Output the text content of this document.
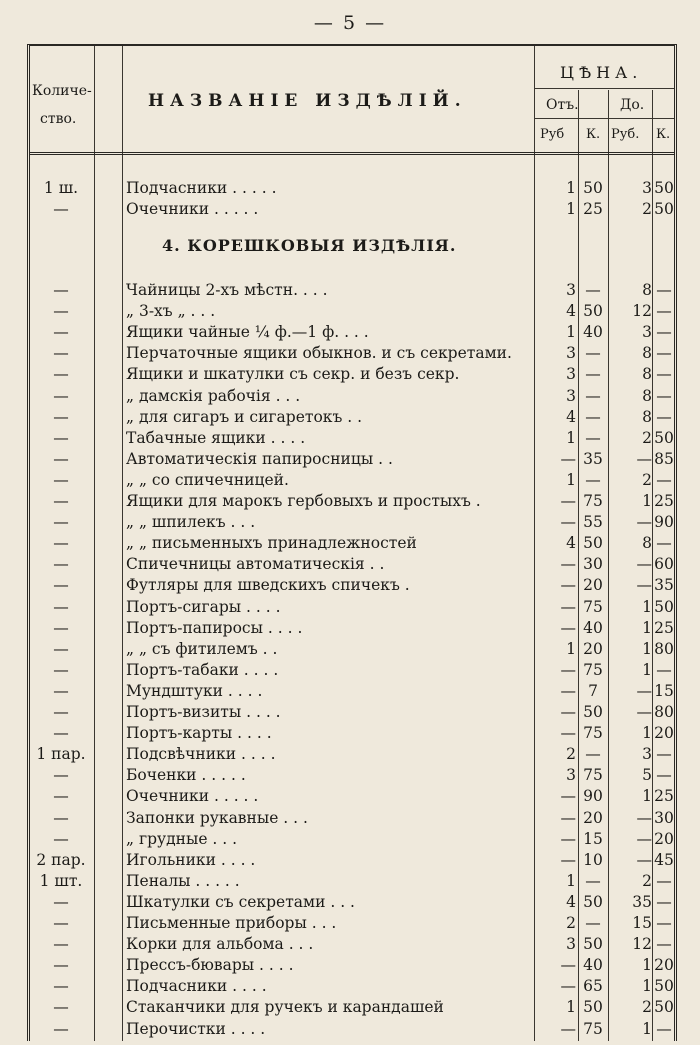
— 5 —
Количе-
ство.
НАЗВАНІЕ ИЗДѢЛІЙ.
ЦѢНА.
Отъ.	До.
Руб К. Руб. К.
1 ш.	Подчасники . . . . .	1 50	3 50
—	Очечники . . . . .	1 25	2 50
4. КОРЕШКОВЫЯ ИЗДѢЛІЯ.
—	Чайницы 2-хъ мѣстн. . . .	3 —	8 —
—	„ 3-хъ „ . . .	4 50	12 —
—	Ящики чайные ¼ ф.—1 ф. . . .	1 40	3 —
—	Перчаточные ящики обыкнов. и съ секретами.	3 —	8 —
—	Ящики и шкатулки съ секр. и безъ секр.	3 —	8 —
—	„ дамскія рабочія . . .	3 —	8 —
—	„ для сигаръ и сигаретокъ . .	4 —	8 —
—	Табачные ящики . . . .	1 —	2 50
—	Автоматическія папиросницы . .	— 35	— 85
—	„ „ со спичечницей.	1 —	2 —
—	Ящики для марокъ гербовыхъ и простыхъ .	— 75	1 25
—	„ „ шпилекъ . . .	— 55	— 90
—	„ „ письменныхъ принадлежностей	4 50	8 —
—	Спичечницы автоматическія . .	— 30	— 60
—	Футляры для шведскихъ спичекъ .	— 20	— 35
—	Портъ-сигары . . . .	— 75	1 50
—	Портъ-папиросы . . . .	— 40	1 25
—	„ „ съ фитилемъ . .	1 20	1 80
—	Портъ-табаки . . . .	— 75	1 —
—	Мундштуки . . . .	— 7	— 15
—	Портъ-визиты . . . .	— 50	— 80
—	Портъ-карты . . . .	— 75	1 20
1 пар.	Подсвѣчники . . . .	2 —	3 —
—	Боченки . . . . .	3 75	5 —
—	Очечники . . . . .	— 90	1 25
—	Запонки рукавные . . .	— 20	— 30
—	„ грудные . . .	— 15	— 20
2 пар.	Игольники . . . .	— 10	— 45
1 шт.	Пеналы . . . . .	1 —	2 —
—	Шкатулки съ секретами . . .	4 50	35 —
—	Письменные приборы . . .	2 —	15 —
—	Корки для альбома . . .	3 50	12 —
—	Прессъ-бювары . . . .	— 40	1 20
—	Подчасники . . . .	— 65	1 50
—	Стаканчики для ручекъ и карандашей	1 50	2 50
—	Перочистки . . . .	— 75	1 —
